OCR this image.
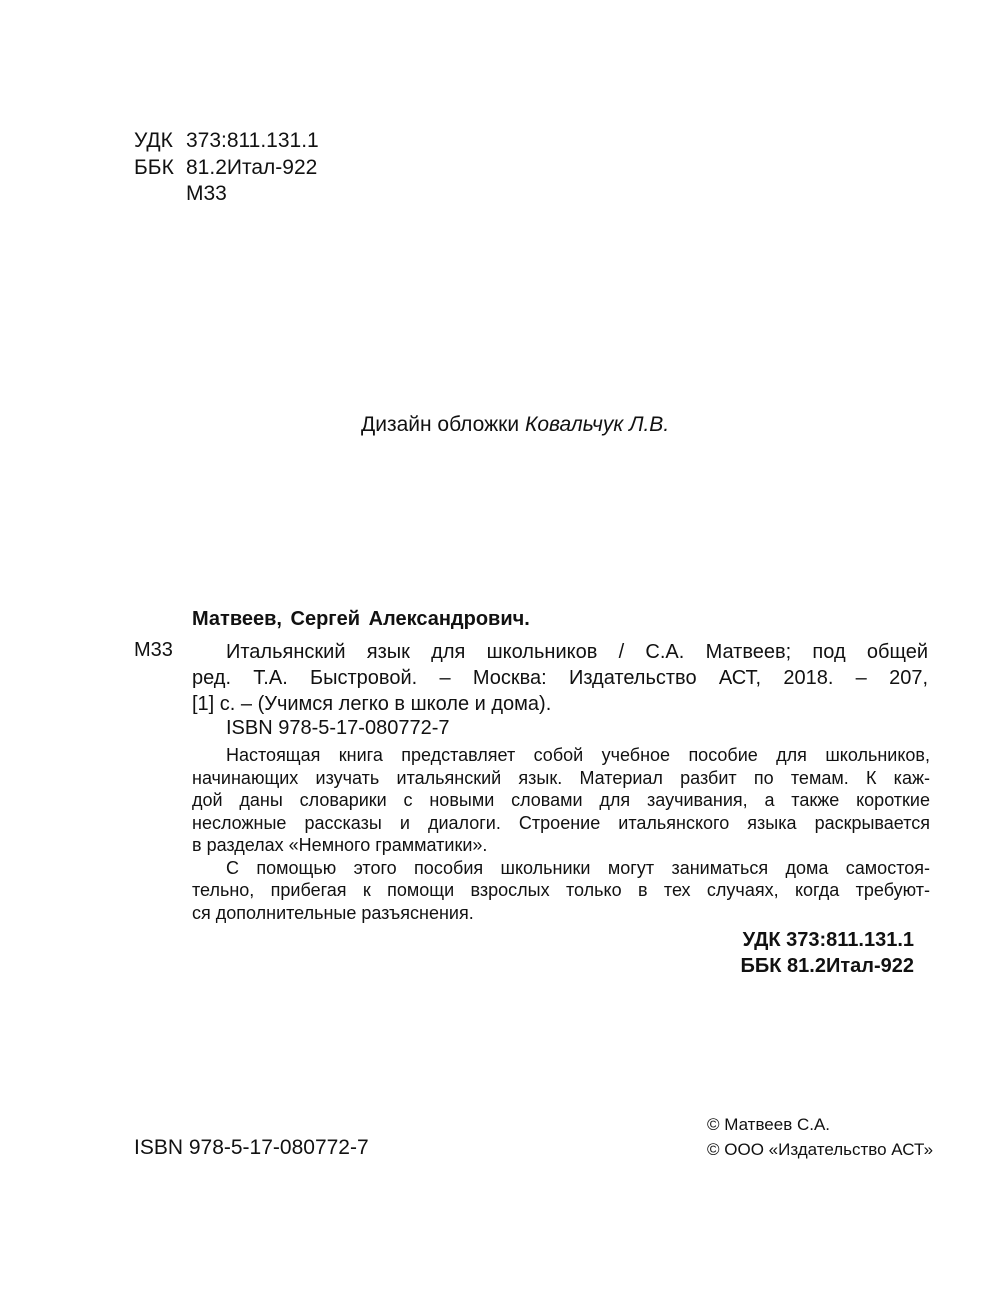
УДК 373:811.131.1
ББК 81.2Итал-922
М33
Дизайн обложки Ковальчук Л.В.
Матвеев, Сергей Александрович.
М33	Итальянский язык для школьников / С.А. Матвеев; под общей
ред. Т.А. Быстровой. – Москва: Издательство АСТ, 2018. – 207,
[1] с. – (Учимся легко в школе и дома).
ISBN 978-5-17-080772-7

Настоящая книга представляет собой учебное пособие для школьников,
начинающих изучать итальянский язык. Материал разбит по темам. К каж-
дой даны словарики с новыми словами для заучивания, а также короткие
несложные рассказы и диалоги. Строение итальянского языка раскрывается
в разделах «Немного грамматики».

С помощью этого пособия школьники могут заниматься дома самостоя-
тельно, прибегая к помощи взрослых только в тех случаях, когда требуют-
ся дополнительные разъяснения.

УДК 373:811.131.1
ББК 81.2Итал-922
ISBN 978-5-17-080772-7
© Матвеев С.А.
© ООО «Издательство АСТ»
